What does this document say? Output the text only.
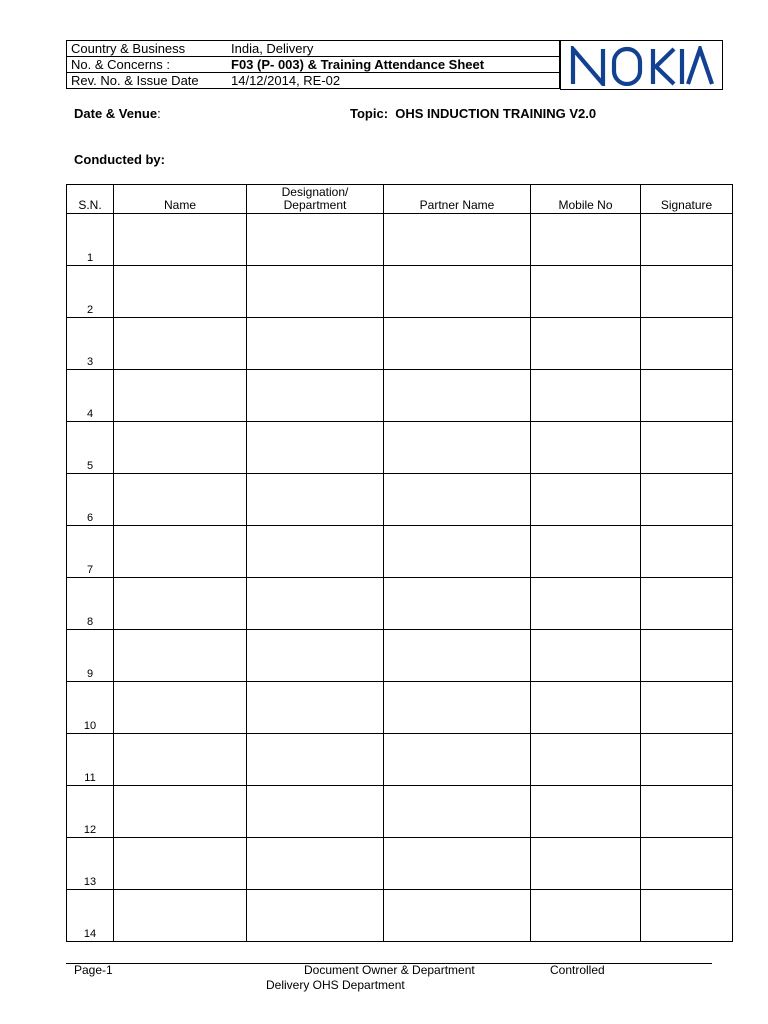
Country & Business	India, Delivery
No. & Concerns :	F03 (P- 003) & Training Attendance Sheet
Rev. No. & Issue Date	14/12/2014, RE-02
Date & Venue:	Topic: OHS INDUCTION TRAINING V2.0
Conducted by:
S.N.	Name	Designation/
Department	Partner Name	Mobile No	Signature
1					
2					
3					
4					
5					
6					
7					
8					
9					
10					
11					
12					
13					
14					
Page-1	Document Owner & Department
Delivery OHS Department
Controlled
